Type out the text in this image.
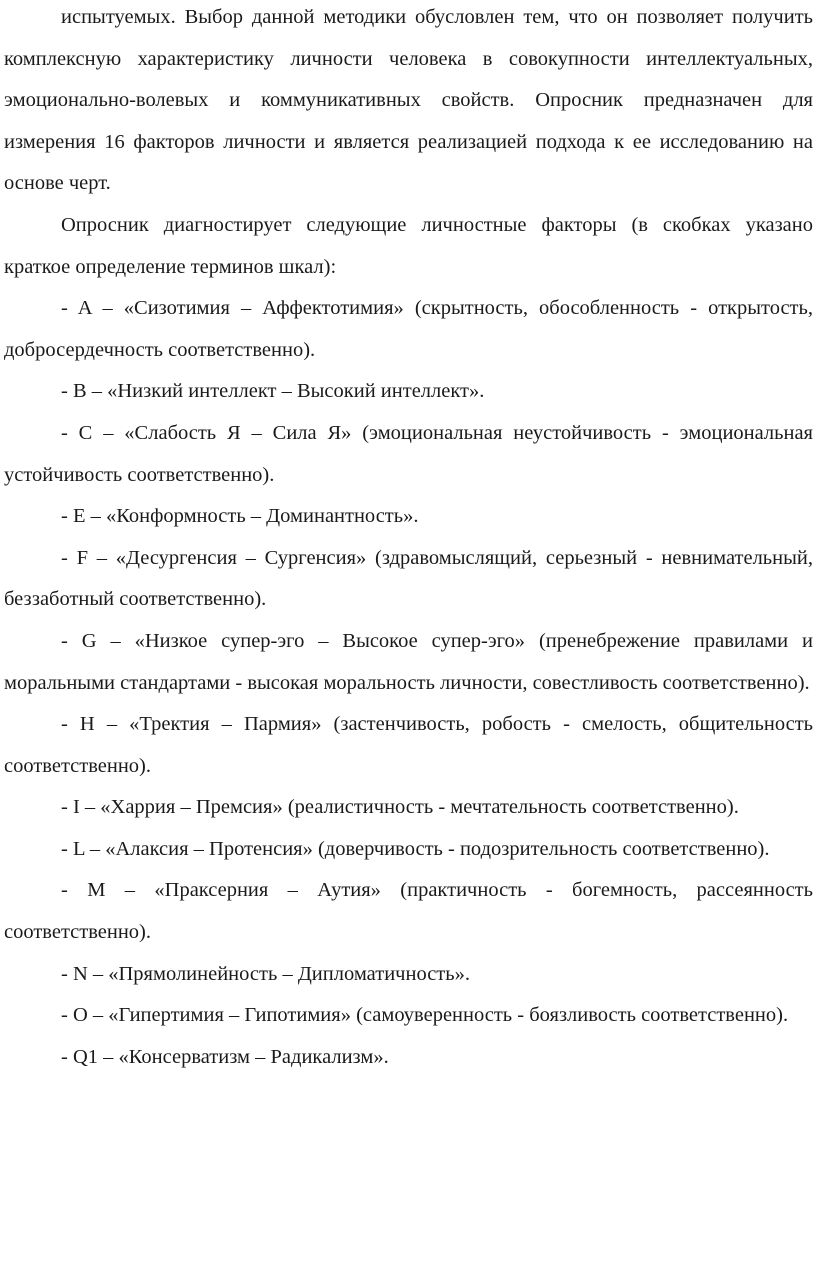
испытуемых. Выбор данной методики обусловлен тем, что он позволяет получить комплексную характеристику личности человека в совокупности интеллектуальных, эмоционально-волевых и коммуникативных свойств. Опросник предназначен для измерения 16 факторов личности и является реализацией подхода к ее исследованию на основе черт.

Опросник диагностирует следующие личностные факторы (в скобках указано краткое определение терминов шкал):

- A – «Сизотимия – Аффектотимия» (скрытность, обособленность - открытость, добросердечность соответственно).

- B – «Низкий интеллект – Высокий интеллект».

- C – «Слабость Я – Сила Я» (эмоциональная неустойчивость - эмоциональная устойчивость соответственно).

- E – «Конформность – Доминантность».

- F – «Десургенсия – Сургенсия» (здравомыслящий, серьезный - невнимательный, беззаботный соответственно).

- G – «Низкое супер-эго – Высокое супер-эго» (пренебрежение правилами и моральными стандартами - высокая моральность личности, совестливость соответственно).

- H – «Тректия – Пармия» (застенчивость, робость - смелость, общительность соответственно).

- I – «Харрия – Премсия» (реалистичность - мечтательность соответственно).

- L – «Алаксия – Протенсия» (доверчивость - подозрительность соответственно).

- M – «Праксерния – Аутия» (практичность - богемность, рассеянность соответственно).

- N – «Прямолинейность – Дипломатичность».

- O – «Гипертимия – Гипотимия» (самоуверенность - боязливость соответственно).

- Q1 – «Консерватизм – Радикализм».
